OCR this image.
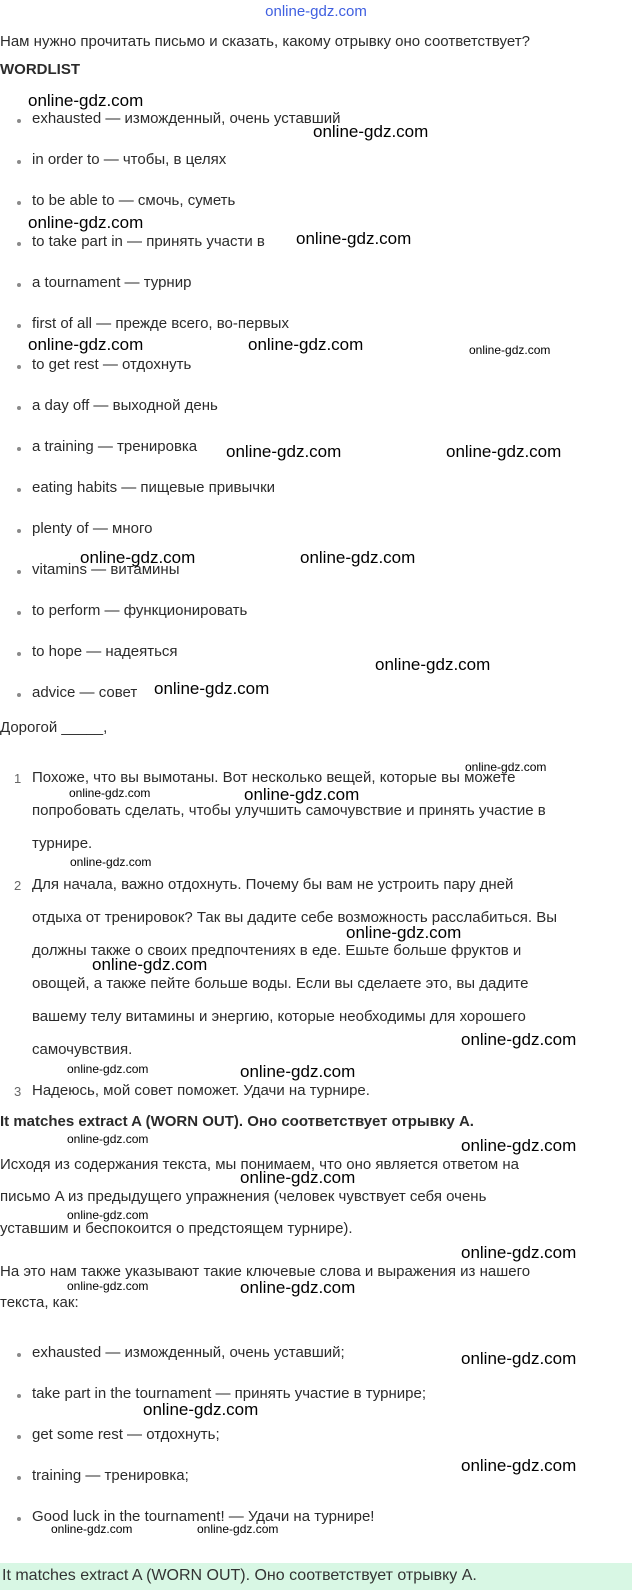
online-gdz.com
Нам нужно прочитать письмо и сказать, какому отрывку оно соответствует?
WORDLIST
exhausted — изможденный, очень уставший
in order to — чтобы, в целях
to be able to — смочь, суметь
to take part in — принять участи в
a tournament — турнир
first of all — прежде всего, во-первых
to get rest — отдохнуть
a day off — выходной день
a training — тренировка
eating habits — пищевые привычки
plenty of — много
vitamins — витамины
to perform — функционировать
to hope — надеяться
advice — совет
Дорогой _____,
1 Похоже, что вы вымотаны. Вот несколько вещей, которые вы можете
попробовать сделать, чтобы улучшить самочувствие и принять участие в
турнире.
2 Для начала, важно отдохнуть. Почему бы вам не устроить пару дней
отдыха от тренировок? Так вы дадите себе возможность расслабиться. Вы
должны также о своих предпочтениях в еде. Ешьте больше фруктов и
овощей, а также пейте больше воды. Если вы сделаете это, вы дадите
вашему телу витамины и энергию, которые необходимы для хорошего
самочувствия.
3 Надеюсь, мой совет поможет. Удачи на турнире.
It matches extract A (WORN OUT). Оно соответствует отрывку A.
Исходя из содержания текста, мы понимаем, что оно является ответом на
письмо A из предыдущего упражнения (человек чувствует себя очень
уставшим и беспокоится о предстоящем турнире).
На это нам также указывают такие ключевые слова и выражения из нашего
текста, как:
exhausted — изможденный, очень уставший;
take part in the tournament — принять участие в турнире;
get some rest — отдохнуть;
training — тренировка;
Good luck in the tournament! — Удачи на турнире!
It matches extract A (WORN OUT). Оно соответствует отрывку A.
online-gdz.com
online-gdz.com
online-gdz.com
online-gdz.com
online-gdz.com	online-gdz.com
online-gdz.com	online-gdz.com
online-gdz.com	online-gdz.com
online-gdz.com
online-gdz.com
online-gdz.com
online-gdz.com
online-gdz.com
online-gdz.com
online-gdz.com
online-gdz.com
online-gdz.com
online-gdz.com
online-gdz.com
online-gdz.com
online-gdz.com
online-gdz.com
online-gdz.com
online-gdz.com
online-gdz.com
online-gdz.com
online-gdz.com
online-gdz.com
online-gdz.com
online-gdz.com
online-gdz.com	online-gdz.com
